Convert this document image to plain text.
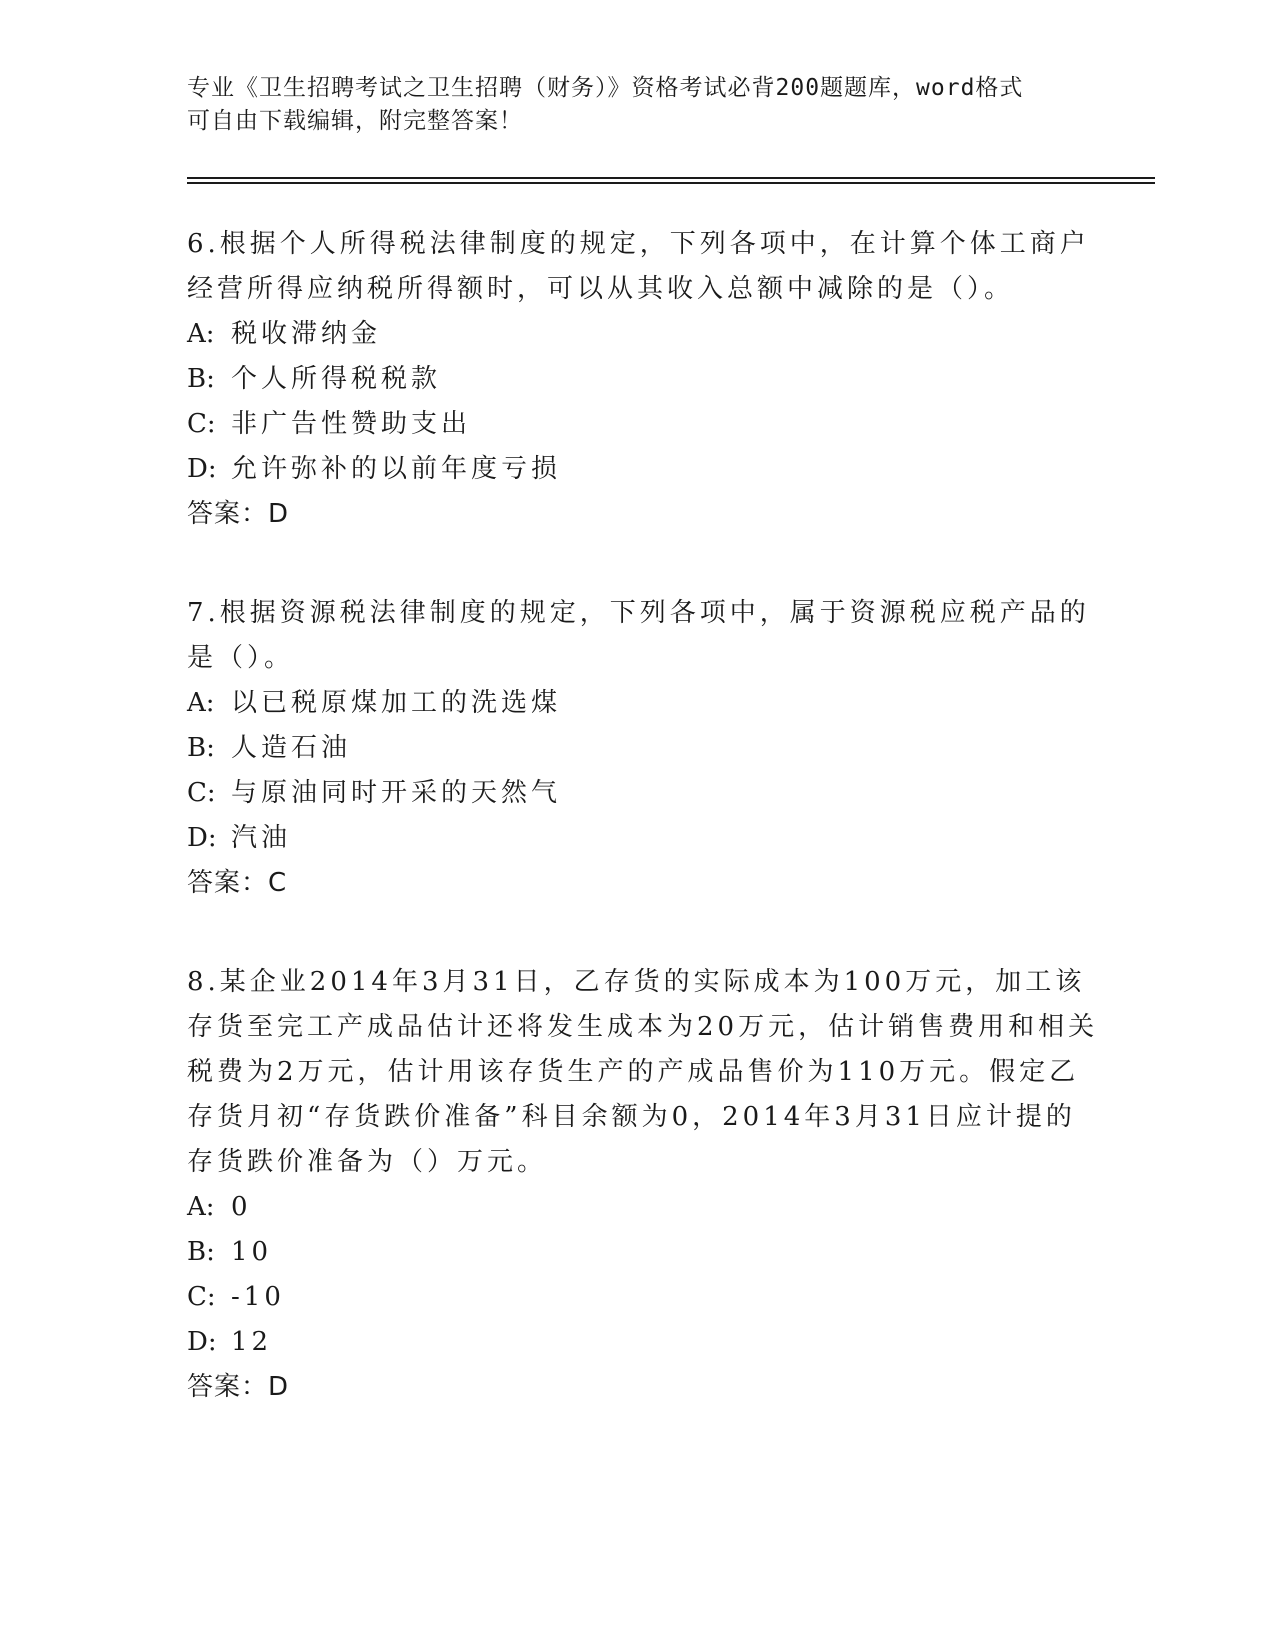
专业《卫生招聘考试之卫生招聘（财务）》资格考试必背200题题库，word格式
可自由下载编辑，附完整答案！
6.根据个人所得税法律制度的规定，下列各项中，在计算个体工商户
经营所得应纳税所得额时，可以从其收入总额中减除的是（）。
A: 税收滞纳金
B: 个人所得税税款
C: 非广告性赞助支出
D: 允许弥补的以前年度亏损
答案：D
7.根据资源税法律制度的规定，下列各项中，属于资源税应税产品的
是（）。
A: 以已税原煤加工的洗选煤
B: 人造石油
C: 与原油同时开采的天然气
D: 汽油
答案：C
8.某企业2014年3月31日，乙存货的实际成本为100万元，加工该
存货至完工产成品估计还将发生成本为20万元，估计销售费用和相关
税费为2万元，估计用该存货生产的产成品售价为110万元。假定乙
存货月初“存货跌价准备”科目余额为0，2014年3月31日应计提的
存货跌价准备为（）万元。
A: 0
B: 10
C: -10
D: 12
答案：D
